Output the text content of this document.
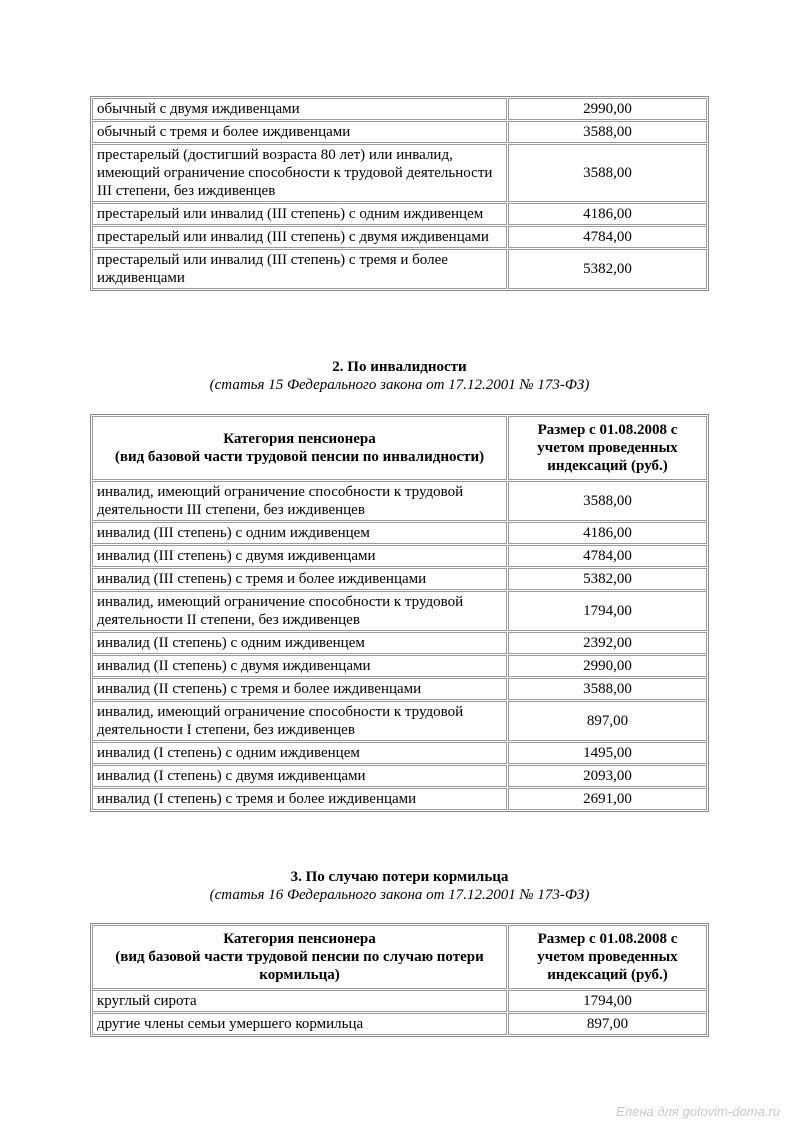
обычный с двумя иждивенцами	2990,00
обычный с тремя и более иждивенцами	3588,00
престарелый (достигший возраста 80 лет) или инвалид, имеющий ограничение способности к трудовой деятельности III степени, без иждивенцев	3588,00
престарелый или инвалид (III степень) с одним иждивенцем	4186,00
престарелый или инвалид (III степень) с двумя иждивенцами	4784,00
престарелый или инвалид (III степень) с тремя и более иждивенцами	5382,00
2. По инвалидности
(статья 15 Федерального закона от 17.12.2001 № 173-ФЗ)
Категория пенсионера
(вид базовой части трудовой пенсии по инвалидности)	Размер с 01.08.2008 с учетом проведенных индексаций (руб.)
инвалид, имеющий ограничение способности к трудовой деятельности III степени, без иждивенцев	3588,00
инвалид (III степень) с одним иждивенцем	4186,00
инвалид (III степень) с двумя иждивенцами	4784,00
инвалид (III степень) с тремя и более иждивенцами	5382,00
инвалид, имеющий ограничение способности к трудовой деятельности II степени, без иждивенцев	1794,00
инвалид (II степень) с одним иждивенцем	2392,00
инвалид (II степень) с двумя иждивенцами	2990,00
инвалид (II степень) с тремя и более иждивенцами	3588,00
инвалид, имеющий ограничение способности к трудовой деятельности I степени, без иждивенцев	897,00
инвалид (I степень) с одним иждивенцем	1495,00
инвалид (I степень) с двумя иждивенцами	2093,00
инвалид (I степень) с тремя и более иждивенцами	2691,00
3. По случаю потери кормильца
(статья 16 Федерального закона от 17.12.2001 № 173-ФЗ)
Категория пенсионера
(вид базовой части трудовой пенсии по случаю потери кормильца)	Размер с 01.08.2008 с учетом проведенных индексаций (руб.)
круглый сирота	1794,00
другие члены семьи умершего кормильца	897,00
Елена для gotovim-doma.ru
